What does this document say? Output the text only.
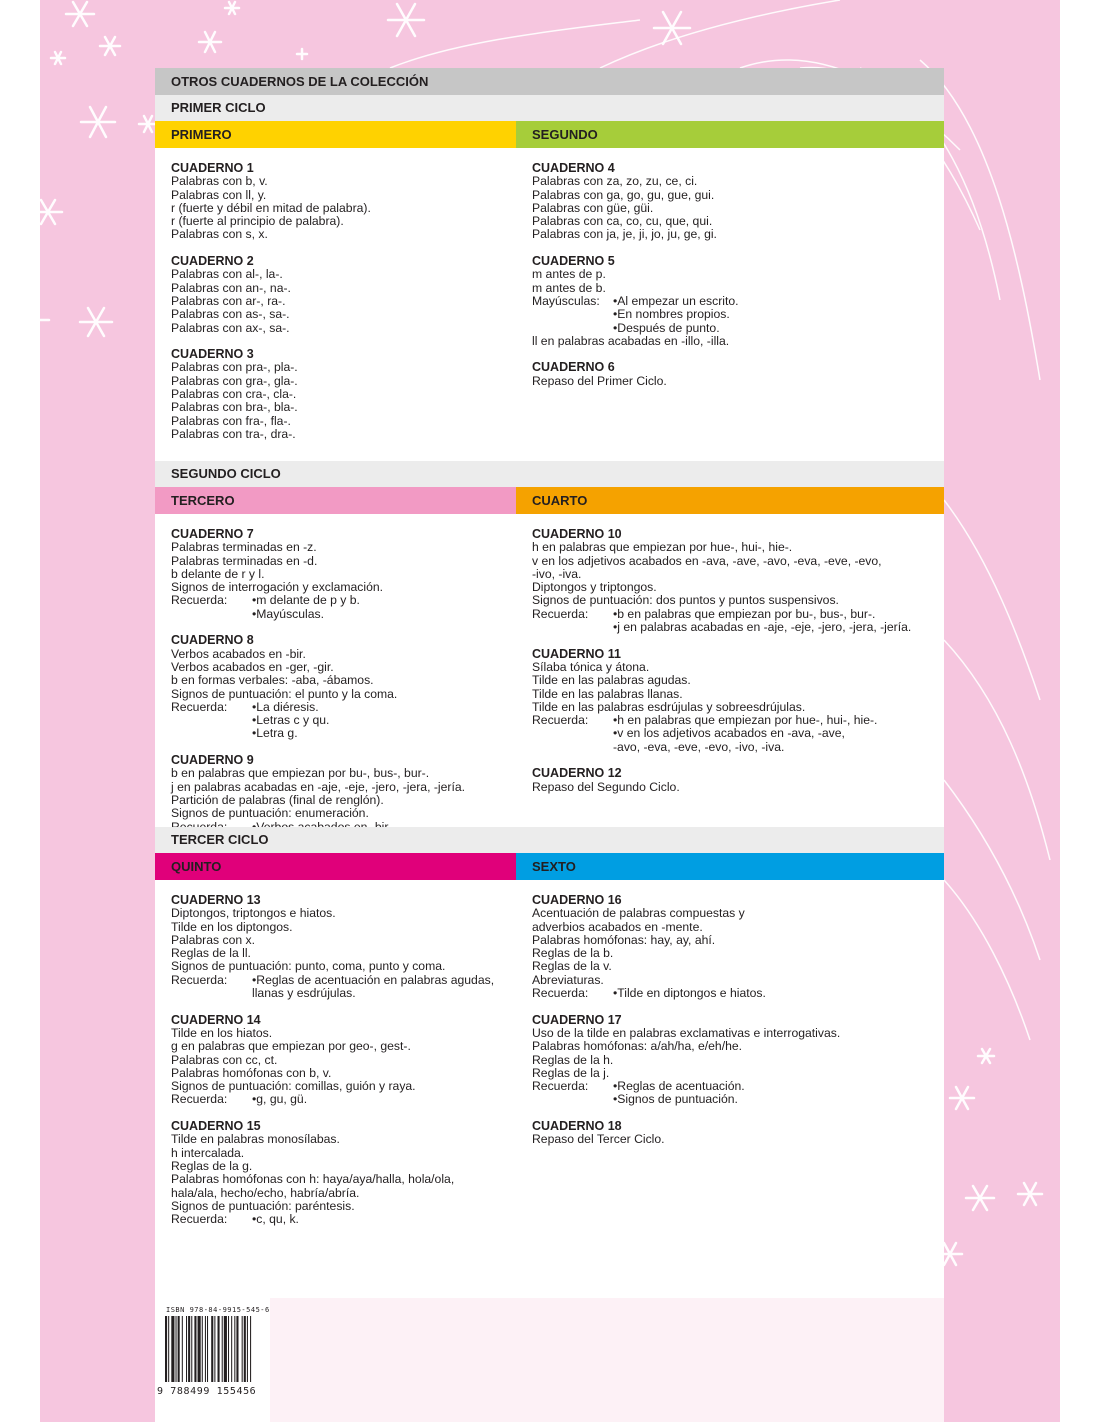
OTROS CUADERNOS DE LA COLECCIÓN
PRIMER CICLO
PRIMERO	SEGUNDO
CUADERNO 1
Palabras con b, v.
Palabras con ll, y.
r (fuerte y débil en mitad de palabra).
r (fuerte al principio de palabra).
Palabras con s, x.
CUADERNO 2
Palabras con al-, la-.
Palabras con an-, na-.
Palabras con ar-, ra-.
Palabras con as-, sa-.
Palabras con ax-, sa-.
CUADERNO 3
Palabras con pra-, pla-.
Palabras con gra-, gla-.
Palabras con cra-, cla-.
Palabras con bra-, bla-.
Palabras con fra-, fla-.
Palabras con tra-, dra-.
CUADERNO 4
Palabras con za, zo, zu, ce, ci.
Palabras con ga, go, gu, gue, gui.
Palabras con güe, güi.
Palabras con ca, co, cu, que, qui.
Palabras con ja, je, ji, jo, ju, ge, gi.
CUADERNO 5
m antes de p.
m antes de b.
Mayúsculas: •Al empezar un escrito.
•En nombres propios.
•Después de punto.
ll en palabras acabadas en -illo, -illa.
CUADERNO 6
Repaso del Primer Ciclo.
SEGUNDO CICLO
TERCERO	CUARTO
CUADERNO 7
Palabras terminadas en -z.
Palabras terminadas en -d.
b delante de r y l.
Signos de interrogación y exclamación.
Recuerda: •m delante de p y b.
•Mayúsculas.
CUADERNO 8
Verbos acabados en -bir.
Verbos acabados en -ger, -gir.
b en formas verbales: -aba, -ábamos.
Signos de puntuación: el punto y la coma.
Recuerda: •La diéresis.
•Letras c y qu.
•Letra g.
CUADERNO 9
b en palabras que empiezan por bu-, bus-, bur-.
j en palabras acabadas en -aje, -eje, -jero, -jera, -jería.
Partición de palabras (final de renglón).
Signos de puntuación: enumeración.
CUADERNO 10
h en palabras que empiezan por hue-, hui-, hie-.
v en los adjetivos acabados en -ava, -ave, -avo, -eva, -eve, -evo,
-ivo, -iva.
Diptongos y triptongos.
Signos de puntuación: dos puntos y puntos suspensivos.
Recuerda: •b en palabras que empiezan por bu-, bus-, bur-.
•j en palabras acabadas en -aje, -eje, -jero, -jera, -jería.
CUADERNO 11
Sílaba tónica y átona.
Tilde en las palabras agudas.
Tilde en las palabras llanas.
Tilde en las palabras esdrújulas y sobreesdrújulas.
Recuerda: •h en palabras que empiezan por hue-, hui-, hie-.
•v en los adjetivos acabados en -ava, -ave,
-avo, -eva, -eve, -evo, -ivo, -iva.
CUADERNO 12
Repaso del Segundo Ciclo.
TERCER CICLO
QUINTO	SEXTO
CUADERNO 13
Diptongos, triptongos e hiatos.
Tilde en los diptongos.
Palabras con x.
Reglas de la ll.
Signos de puntuación: punto, coma, punto y coma.
Recuerda: •Reglas de acentuación en palabras agudas,
llanas y esdrújulas.
CUADERNO 14
Tilde en los hiatos.
g en palabras que empiezan por geo-, gest-.
Palabras con cc, ct.
Palabras homófonas con b, v.
Signos de puntuación: comillas, guión y raya.
Recuerda: •g, gu, gü.
CUADERNO 15
Tilde en palabras monosílabas.
h intercalada.
Reglas de la g.
Palabras homófonas con h: haya/aya/halla, hola/ola,
hala/ala, hecho/echo, habría/abría.
Signos de puntuación: paréntesis.
Recuerda: •c, qu, k.
CUADERNO 16
Acentuación de palabras compuestas y
adverbios acabados en -mente.
Palabras homófonas: hay, ay, ahí.
Reglas de la b.
Reglas de la v.
Abreviaturas.
Recuerda: •Tilde en diptongos e hiatos.
CUADERNO 17
Uso de la tilde en palabras exclamativas e interrogativas.
Palabras homófonas: a/ah/ha, e/eh/he.
Reglas de la h.
Reglas de la j.
Recuerda: •Reglas de acentuación.
•Signos de puntuación.
CUADERNO 18
Repaso del Tercer Ciclo.
ISBN 978-84-9915-545-6
9 788499 155456
